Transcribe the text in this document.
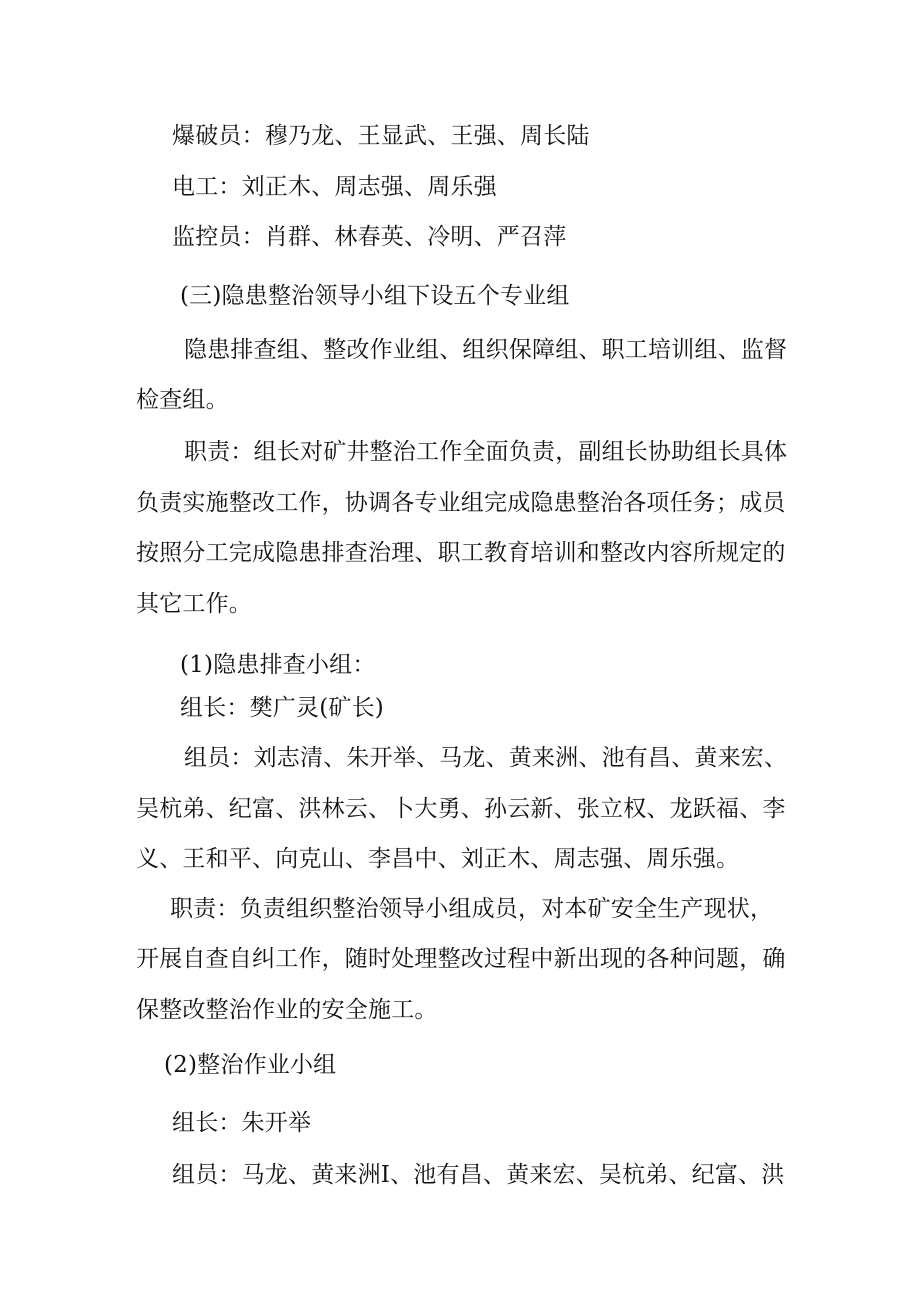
爆破员：穆乃龙、王显武、王强、周长陆
电工：刘正木、周志强、周乐强
监控员：肖群、林春英、冷明、严召萍
(三)隐患整治领导小组下设五个专业组
隐患排查组、整改作业组、组织保障组、职工培训组、监督
检查组。
职责：组长对矿井整治工作全面负责，副组长协助组长具体
负责实施整改工作，协调各专业组完成隐患整治各项任务；成员
按照分工完成隐患排查治理、职工教育培训和整改内容所规定的
其它工作。
(1)隐患排查小组：
组长：樊广灵(矿长)
组员：刘志清、朱开举、马龙、黄来洲、池有昌、黄来宏、
吴杭弟、纪富、洪林云、卜大勇、孙云新、张立权、龙跃福、李
义、王和平、向克山、李昌中、刘正木、周志强、周乐强。
职责：负责组织整治领导小组成员，对本矿安全生产现状，
开展自查自纠工作，随时处理整改过程中新出现的各种问题，确
保整改整治作业的安全施工。
(2)整治作业小组
组长：朱开举
组员：马龙、黄来洲I、池有昌、黄来宏、吴杭弟、纪富、洪
